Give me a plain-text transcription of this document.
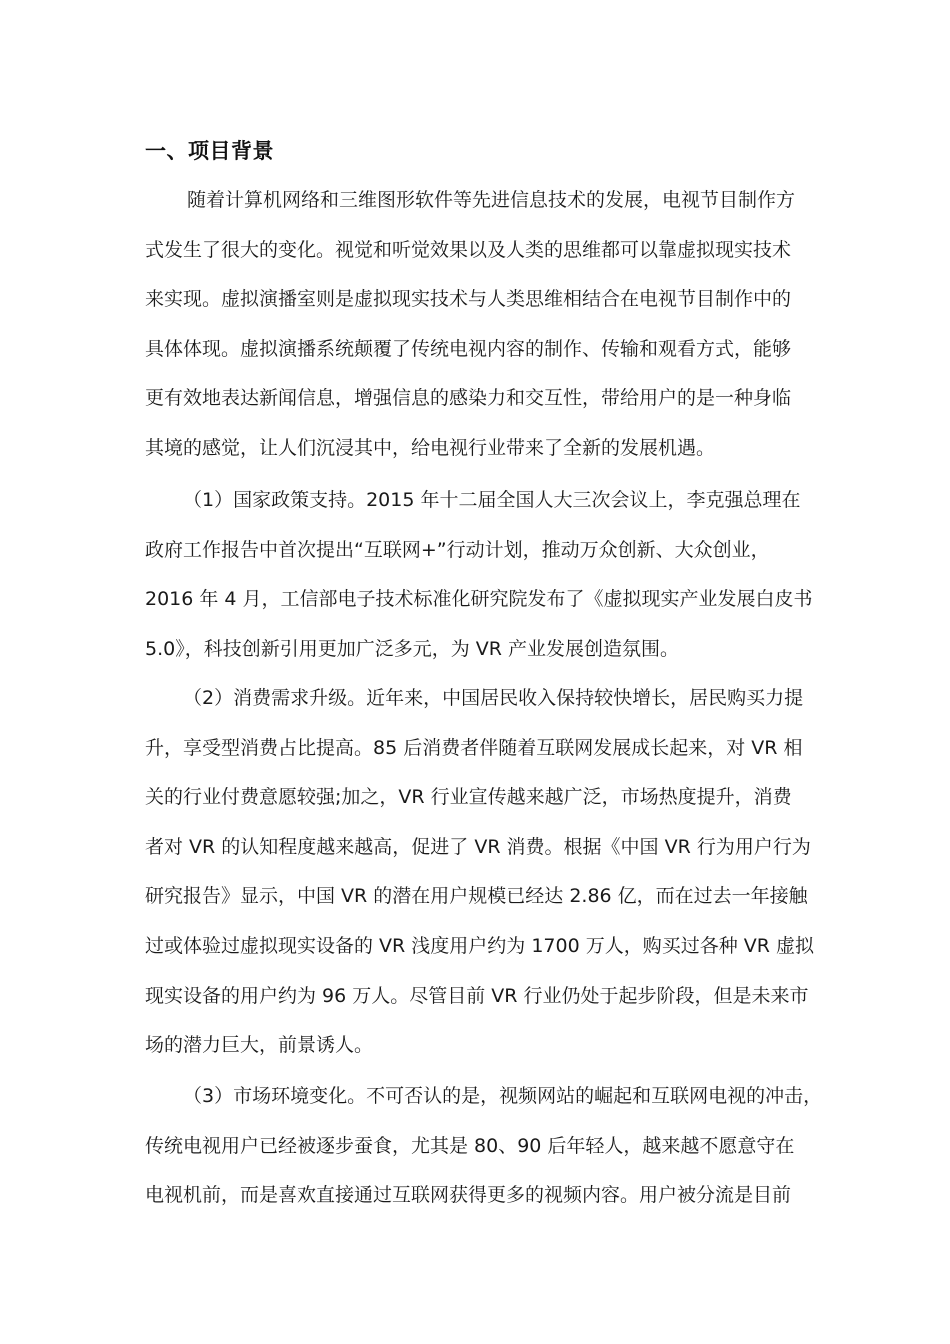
一、项目背景
随着计算机网络和三维图形软件等先进信息技术的发展，电视节目制作方
式发生了很大的变化。视觉和听觉效果以及人类的思维都可以靠虚拟现实技术
来实现。虚拟演播室则是虚拟现实技术与人类思维相结合在电视节目制作中的
具体体现。虚拟演播系统颠覆了传统电视内容的制作、传输和观看方式，能够
更有效地表达新闻信息，增强信息的感染力和交互性，带给用户的是一种身临
其境的感觉，让人们沉浸其中，给电视行业带来了全新的发展机遇。
（1）国家政策支持。2015 年十二届全国人大三次会议上，李克强总理在
政府工作报告中首次提出“互联网+”行动计划，推动万众创新、大众创业，
2016 年 4 月，工信部电子技术标准化研究院发布了《虚拟现实产业发展白皮书
5.0》，科技创新引用更加广泛多元，为 VR 产业发展创造氛围。
（2）消费需求升级。近年来，中国居民收入保持较快增长，居民购买力提
升，享受型消费占比提高。85 后消费者伴随着互联网发展成长起来，对 VR 相
关的行业付费意愿较强;加之，VR 行业宣传越来越广泛，市场热度提升，消费
者对 VR 的认知程度越来越高，促进了 VR 消费。根据《中国 VR 行为用户行为
研究报告》显示，中国 VR 的潜在用户规模已经达 2.86 亿，而在过去一年接触
过或体验过虚拟现实设备的 VR 浅度用户约为 1700 万人，购买过各种 VR 虚拟
现实设备的用户约为 96 万人。尽管目前 VR 行业仍处于起步阶段，但是未来市
场的潜力巨大，前景诱人。
（3）市场环境变化。不可否认的是，视频网站的崛起和互联网电视的冲击，
传统电视用户已经被逐步蚕食，尤其是 80、90 后年轻人，越来越不愿意守在
电视机前，而是喜欢直接通过互联网获得更多的视频内容。用户被分流是目前
